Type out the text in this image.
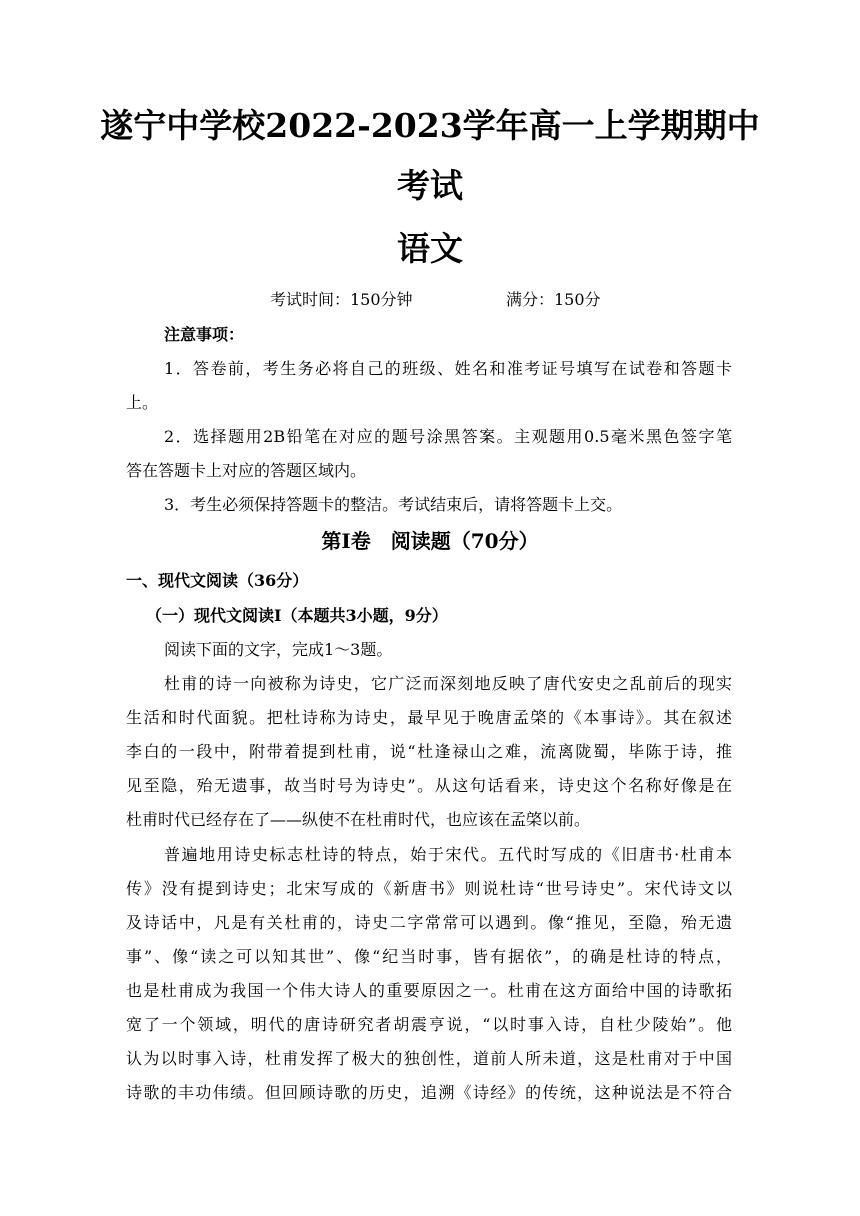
遂宁中学校2022-2023学年高一上学期期中
考试
语文
考试时间：150分钟	满分：150分
注意事项：
1．答卷前，考生务必将自己的班级、姓名和准考证号填写在试卷和答题卡
上。
2．选择题用2B铅笔在对应的题号涂黑答案。主观题用0.5毫米黑色签字笔
答在答题卡上对应的答题区域内。
3．考生必须保持答题卡的整洁。考试结束后，请将答题卡上交。
第Ⅰ卷　阅读题（70分）
一、现代文阅读（36分）
（一）现代文阅读Ⅰ（本题共3小题，9分）
阅读下面的文字，完成1～3题。
杜甫的诗一向被称为诗史，它广泛而深刻地反映了唐代安史之乱前后的现实
生活和时代面貌。把杜诗称为诗史，最早见于晚唐孟棨的《本事诗》。其在叙述
李白的一段中，附带着提到杜甫，说“杜逢禄山之难，流离陇蜀，毕陈于诗，推
见至隐，殆无遗事，故当时号为诗史”。从这句话看来，诗史这个名称好像是在
杜甫时代已经存在了——纵使不在杜甫时代，也应该在孟棨以前。
普遍地用诗史标志杜诗的特点，始于宋代。五代时写成的《旧唐书·杜甫本
传》没有提到诗史；北宋写成的《新唐书》则说杜诗“世号诗史”。宋代诗文以
及诗话中，凡是有关杜甫的，诗史二字常常可以遇到。像“推见，至隐，殆无遗
事”、像“读之可以知其世”、像“纪当时事，皆有据依”，的确是杜诗的特点，
也是杜甫成为我国一个伟大诗人的重要原因之一。杜甫在这方面给中国的诗歌拓
宽了一个领域，明代的唐诗研究者胡震亨说，“以时事入诗，自杜少陵始”。他
认为以时事入诗，杜甫发挥了极大的独创性，道前人所未道，这是杜甫对于中国
诗歌的丰功伟绩。但回顾诗歌的历史，追溯《诗经》的传统，这种说法是不符合
